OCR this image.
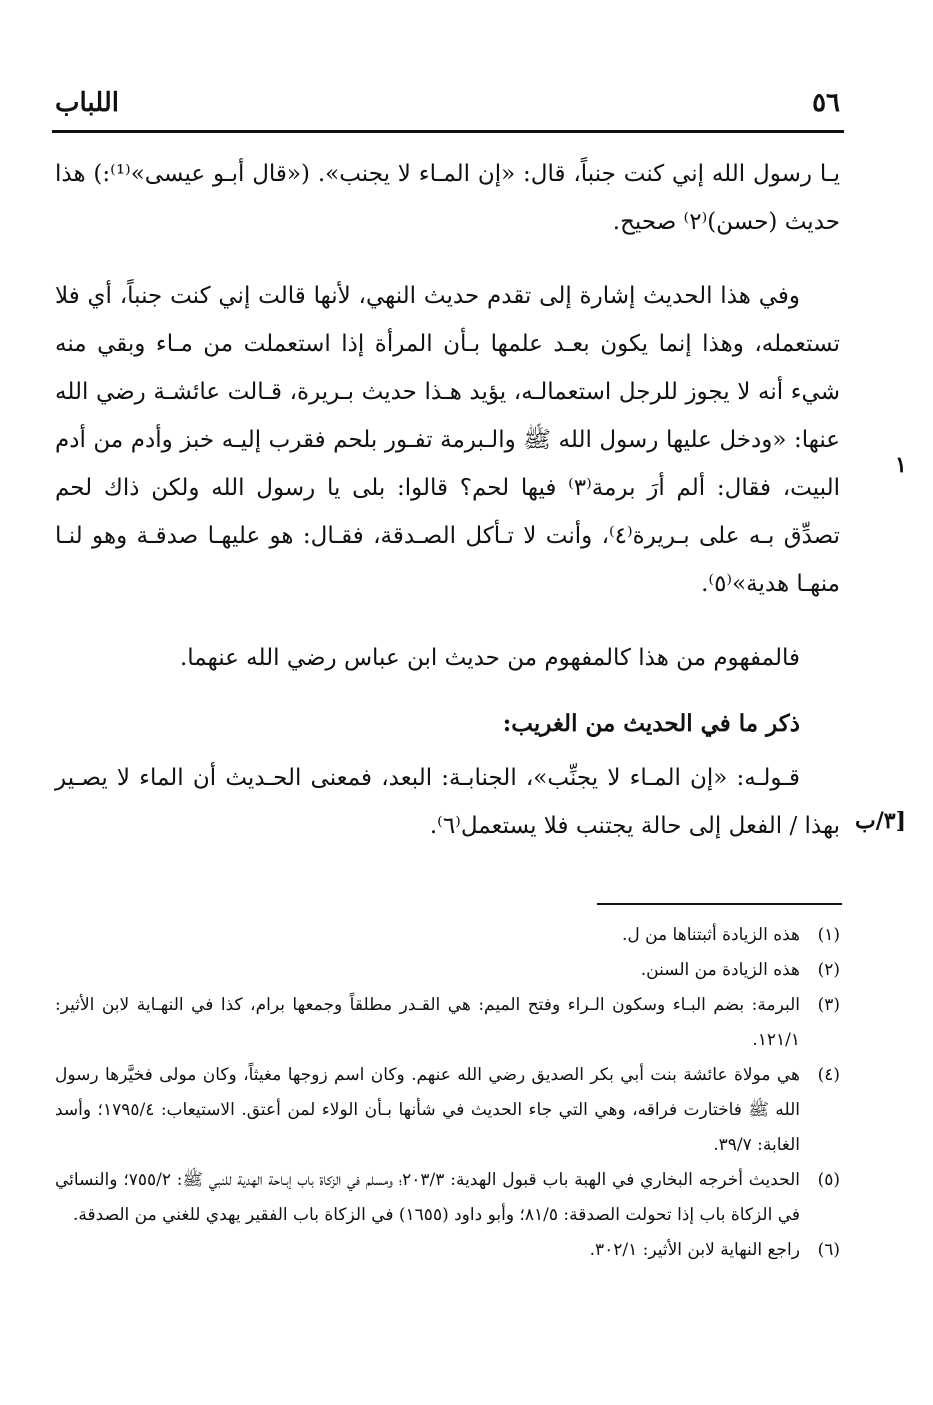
٥٦
اللباب
١
٣/ب]

يـا رسول الله إني كنت جنباً، قال: «إن المـاء لا يجنب». («قال أبـو عيسى»⁽¹⁾:) هذا حديث (حسن)⁽٢⁾ صحيح.

وفي هذا الحديث إشارة إلى تقدم حديث النهي، لأنها قالت إني كنت جنباً، أي فلا تستعمله، وهذا إنما يكون بعـد علمها بـأن المرأة إذا استعملت من مـاء وبقي منه شيء أنه لا يجوز للرجل استعمالـه، يؤيد هـذا حديث بـريرة، قـالت عائشـة رضي الله عنها: «ودخل عليها رسول الله ﷺ والـبرمة تفـور بلحم فقرب إليـه خبز وأدم من أدم البيت، فقال: ألم أرَ برمة⁽٣⁾ فيها لحم؟ قالوا: بلى يا رسول الله ولكن ذاك لحم تصدِّق بـه على بـريرة⁽٤⁾، وأنت لا تـأكل الصـدقة، فقـال: هو عليهـا صدقـة وهو لنـا منهـا هدية»⁽٥⁾.

فالمفهوم من هذا كالمفهوم من حديث ابن عباس رضي الله عنهما.

ذكر ما في الحديث من الغريب:

قـولـه: «إن المـاء لا يجنِّب»، الجنابـة: البعد، فمعنى الحـديث أن الماء لا يصـير بهذا / الفعل إلى حالة يجتنب فلا يستعمل⁽٦⁾.

(١)
هذه الزيادة أثبتناها من ل.
(٢)
هذه الزيادة من السنن.
(٣)
البرمة: بضم البـاء وسكون الـراء وفتح الميم: هي القـدر مطلقاً وجمعها برام، كذا في النهـاية لابن الأثير: ١٢١/١.
(٤)
هي مولاة عائشة بنت أبي بكر الصديق رضي الله عنهم. وكان اسم زوجها مغيثاً، وكان مولى فخيَّرها رسول الله ﷺ فاختارت فراقه، وهي التي جاء الحديث في شأنها بـأن الولاء لمن أعتق. الاستيعاب: ١٧٩٥/٤؛ وأسد الغابة: ٣٩/٧.
(٥)
الحديث أخرجه البخاري في الهبة باب قبول الهدية: ٢٠٣/٣؛ ومسلم في الزكاة باب إبـاحة الهدية للنبي ﷺ: ٧٥٥/٢؛ والنسائي في الزكاة باب إذا تحولت الصدقة: ٨١/٥؛ وأبو داود (١٦٥٥) في الزكاة باب الفقير يهدي للغني من الصدقة.
(٦)
راجع النهاية لابن الأثير: ٣٠٢/١.
